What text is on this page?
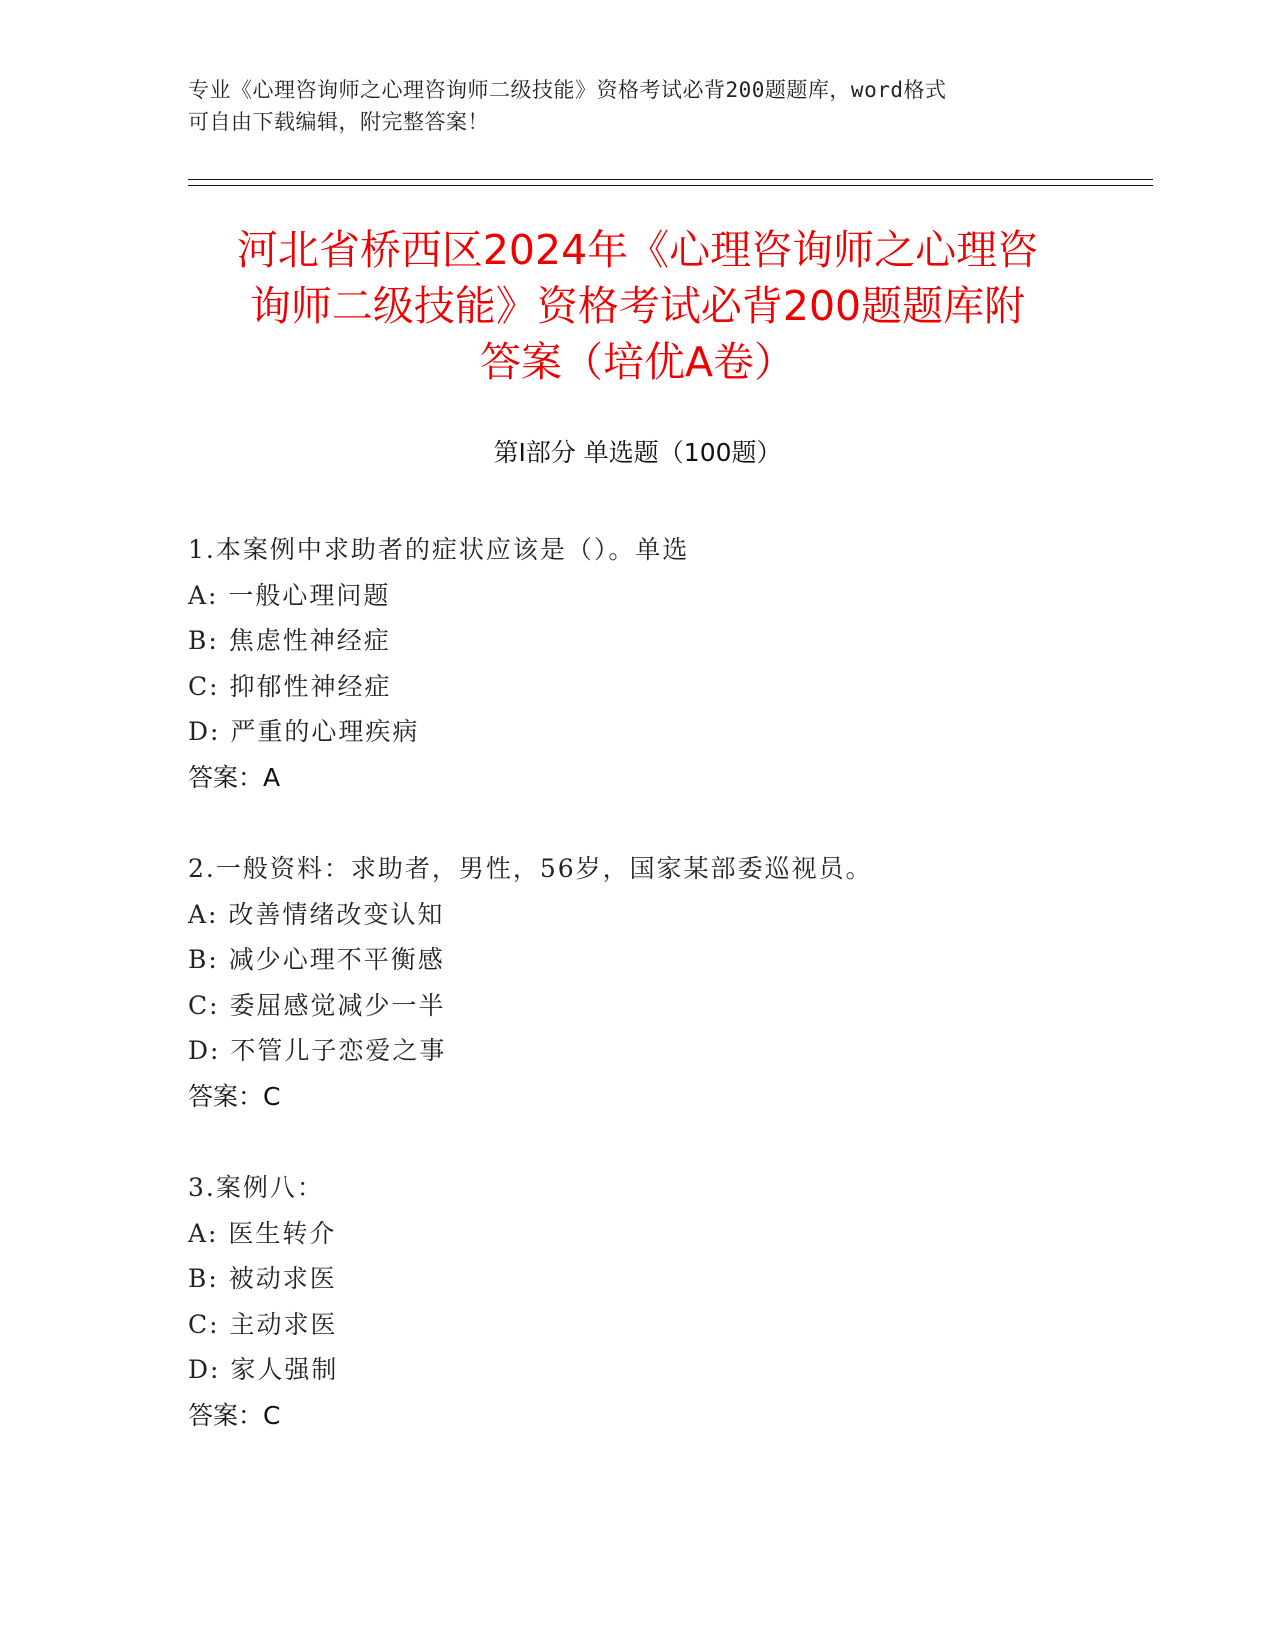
专业《心理咨询师之心理咨询师二级技能》资格考试必背200题题库，word格式
可自由下载编辑，附完整答案！
河北省桥西区2024年《心理咨询师之心理咨
询师二级技能》资格考试必背200题题库附
答案（培优A卷）
第Ⅰ部分 单选题（100题）
1.本案例中求助者的症状应该是（）。单选
A: 一般心理问题
B: 焦虑性神经症
C: 抑郁性神经症
D: 严重的心理疾病
答案：A
2.一般资料：求助者，男性，56岁，国家某部委巡视员。
A: 改善情绪改变认知
B: 减少心理不平衡感
C: 委屈感觉减少一半
D: 不管儿子恋爱之事
答案：C
3.案例八：
A: 医生转介
B: 被动求医
C: 主动求医
D: 家人强制
答案：C
